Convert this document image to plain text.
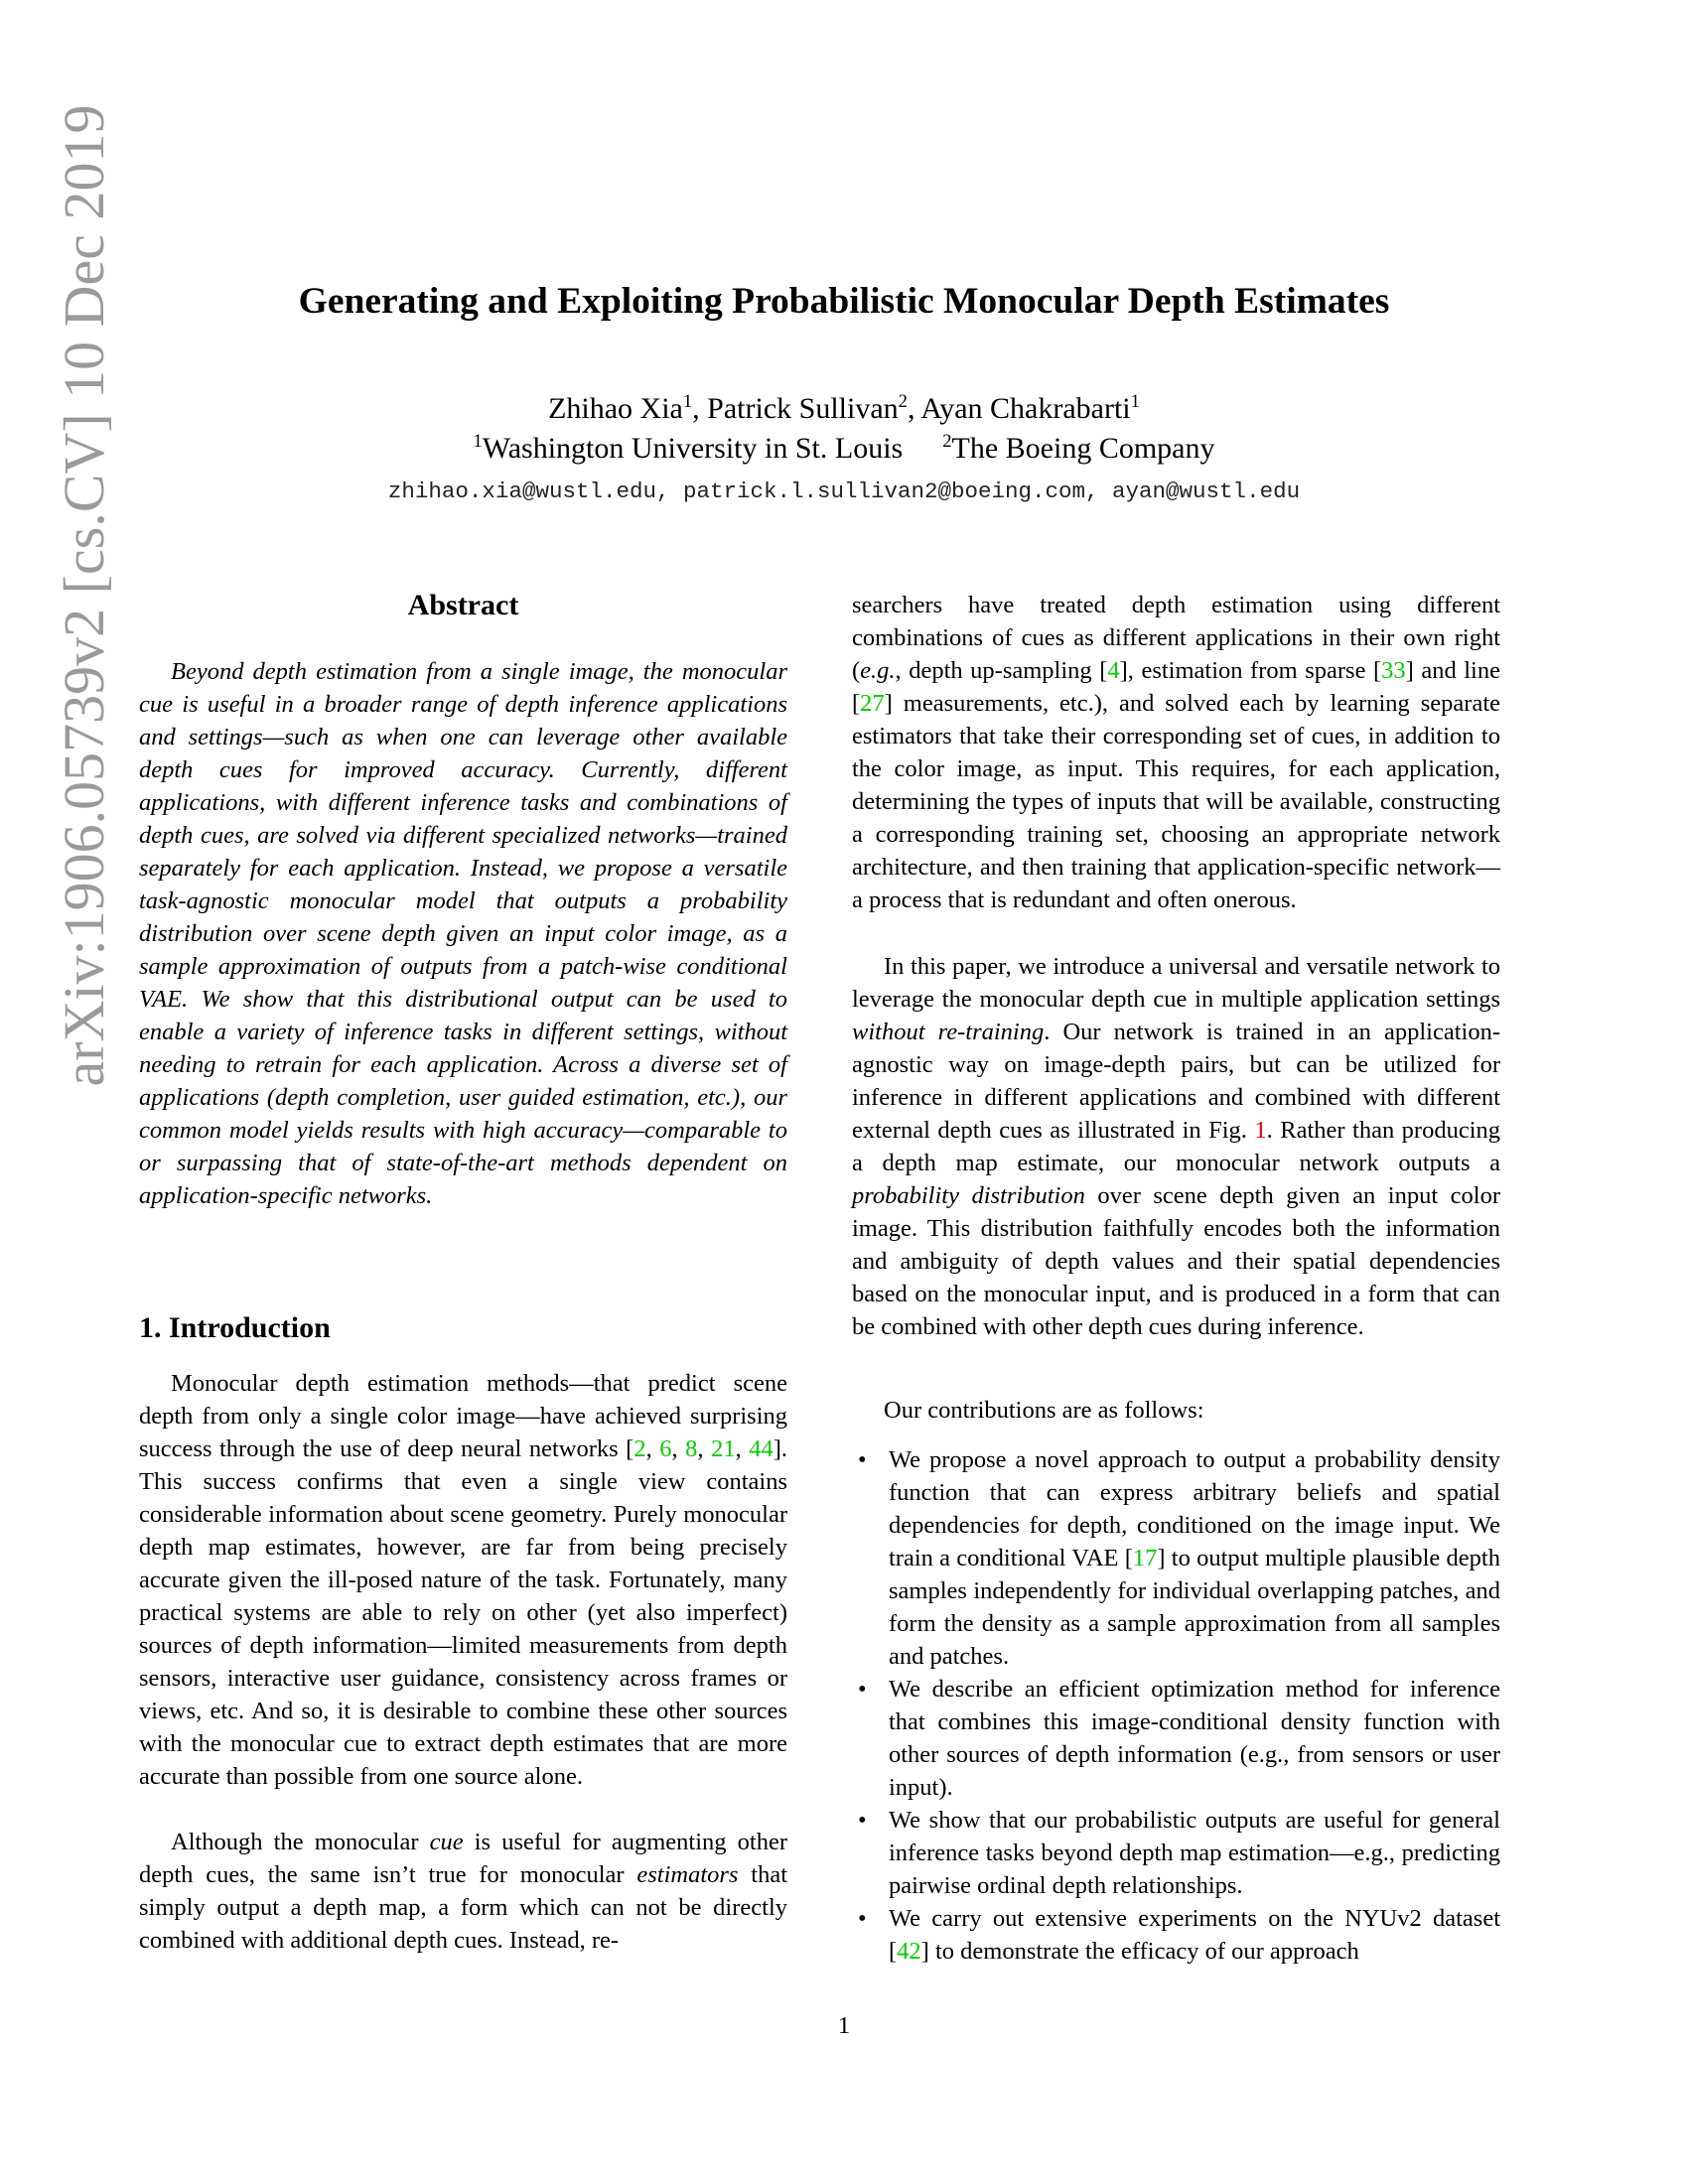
arXiv:1906.05739v2 [cs.CV] 10 Dec 2019	Generating and Exploiting Probabilistic Monocular Depth Estimates
Zhihao Xia$^1$, Patrick Sullivan$^2$, Ayan Chakrabarti$^1$
$^1$Washington University in St. Louis $^2$The Boeing Company
zhihao.xia@wustl.edu, patrick.l.sullivan2@boeing.com, ayan@wustl.edu
Abstract
Beyond depth estimation from a single image, the monocular cue is useful in a broader range of depth inference applications and settings—such as when one can leverage other available depth cues for improved accuracy. Currently, different applications, with different inference tasks and combinations of depth cues, are solved via different specialized networks—trained separately for each application. Instead, we propose a versatile task-agnostic monocular model that outputs a probability distribution over scene depth given an input color image, as a sample approximation of outputs from a patch-wise conditional VAE. We show that this distributional output can be used to enable a variety of inference tasks in different settings, without needing to retrain for each application. Across a diverse set of applications (depth completion, user guided estimation, etc.), our common model yields results with high accuracy—comparable to or surpassing that of state-of-the-art methods dependent on application-specific networks.
1. Introduction
Monocular depth estimation methods—that predict scene depth from only a single color image—have achieved surprising success through the use of deep neural networks [2, 6, 8, 21, 44]. This success confirms that even a single view contains considerable information about scene geometry. Purely monocular depth map estimates, however, are far from being precisely accurate given the ill-posed nature of the task. Fortunately, many practical systems are able to rely on other (yet also imperfect) sources of depth information—limited measurements from depth sensors, interactive user guidance, consistency across frames or views, etc. And so, it is desirable to combine these other sources with the monocular cue to extract depth estimates that are more accurate than possible from one source alone.
Although the monocular cue is useful for augmenting other depth cues, the same isn’t true for monocular estimators that simply output a depth map, a form which can not be directly combined with additional depth cues. Instead, re-
searchers have treated depth estimation using different combinations of cues as different applications in their own right (e.g., depth up-sampling [4], estimation from sparse [33] and line [27] measurements, etc.), and solved each by learning separate estimators that take their corresponding set of cues, in addition to the color image, as input. This requires, for each application, determining the types of inputs that will be available, constructing a corresponding training set, choosing an appropriate network architecture, and then training that application-specific network—a process that is redundant and often onerous.
In this paper, we introduce a universal and versatile network to leverage the monocular depth cue in multiple application settings without re-training. Our network is trained in an application-agnostic way on image-depth pairs, but can be utilized for inference in different applications and combined with different external depth cues as illustrated in Fig. 1. Rather than producing a depth map estimate, our monocular network outputs a probability distribution over scene depth given an input color image. This distribution faithfully encodes both the information and ambiguity of depth values and their spatial dependencies based on the monocular input, and is produced in a form that can be combined with other depth cues during inference.
Our contributions are as follows:
• We propose a novel approach to output a probability density function that can express arbitrary beliefs and spatial dependencies for depth, conditioned on the image input. We train a conditional VAE [17] to output multiple plausible depth samples independently for individual overlapping patches, and form the density as a sample approximation from all samples and patches.
• We describe an efficient optimization method for inference that combines this image-conditional density function with other sources of depth information (e.g., from sensors or user input).
• We show that our probabilistic outputs are useful for general inference tasks beyond depth map estimation—e.g., predicting pairwise ordinal depth relationships.
• We carry out extensive experiments on the NYUv2 dataset [42] to demonstrate the efficacy of our approach
1
